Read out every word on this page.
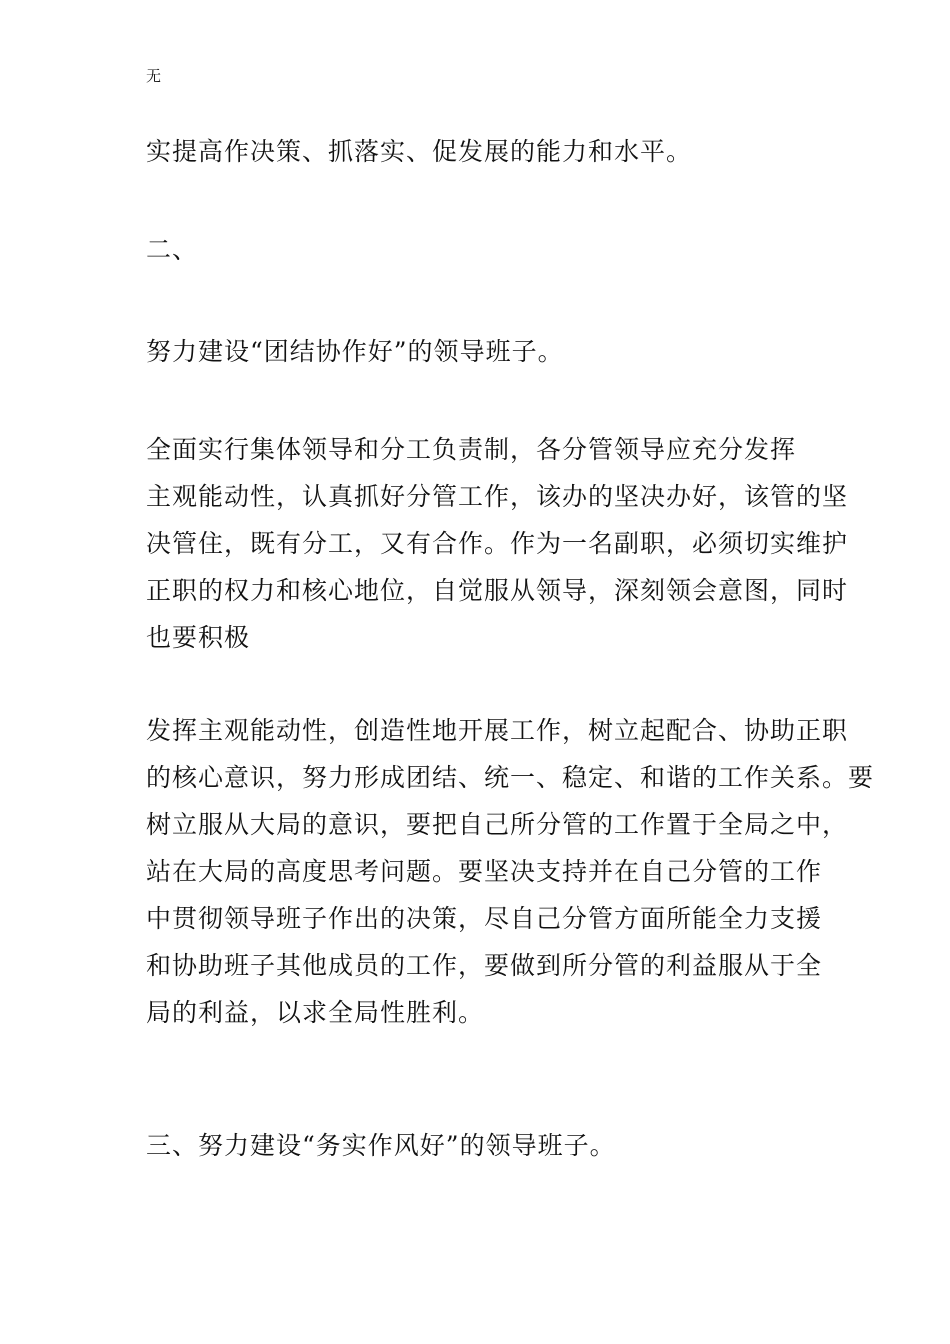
无

实提高作决策、抓落实、促发展的能力和水平。

二、

努力建设“团结协作好”的领导班子。

全面实行集体领导和分工负责制，各分管领导应充分发挥
主观能动性，认真抓好分管工作，该办的坚决办好，该管的坚
决管住，既有分工，又有合作。作为一名副职，必须切实维护
正职的权力和核心地位，自觉服从领导，深刻领会意图，同时
也要积极

发挥主观能动性，创造性地开展工作，树立起配合、协助正职
的核心意识，努力形成团结、统一、稳定、和谐的工作关系。要
树立服从大局的意识，要把自己所分管的工作置于全局之中，
站在大局的高度思考问题。要坚决支持并在自己分管的工作
中贯彻领导班子作出的决策，尽自己分管方面所能全力支援
和协助班子其他成员的工作，要做到所分管的利益服从于全
局的利益，以求全局性胜利。

三、努力建设“务实作风好”的领导班子。
